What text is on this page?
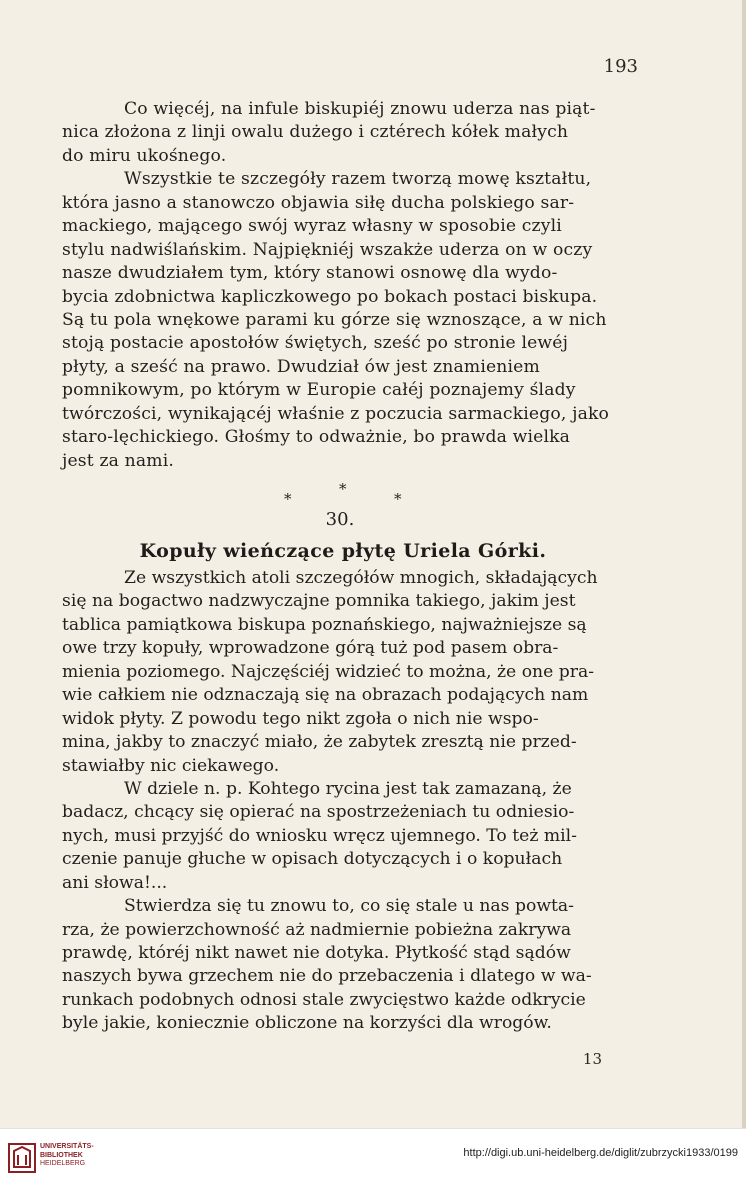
193
Co więcéj, na infule biskupiéj znowu uderza nas piąt-
nica złożona z linji owalu dużego i cztérech kółek małych
do miru ukośnego.
Wszystkie te szczegóły razem tworzą mowę kształtu,
która jasno a stanowczo objawia siłę ducha polskiego sar-
mackiego, mającego swój wyraz własny w sposobie czyli
stylu nadwiślańskim. Najpiękniéj wszakże uderza on w oczy
nasze dwudziałem tym, który stanowi osnowę dla wydo-
bycia zdobnictwa kapliczkowego po bokach postaci biskupa.
Są tu pola wnękowe parami ku górze się wznoszące, a w nich
stoją postacie apostołów świętych, sześć po stronie lewéj
płyty, a sześć na prawo. Dwudział ów jest znamieniem
pomnikowym, po którym w Europie całéj poznajemy ślady
twórczości, wynikającéj właśnie z poczucia sarmackiego, jako
staro-lęchickiego. Głośmy to odważnie, bo prawda wielka
jest za nami.
*
*	*
30.
Kopuły wieńczące płytę Uriela Górki.
Ze wszystkich atoli szczegółów mnogich, składających
się na bogactwo nadzwyczajne pomnika takiego, jakim jest
tablica pamiątkowa biskupa poznańskiego, najważniejsze są
owe trzy kopuły, wprowadzone górą tuż pod pasem obra-
mienia poziomego. Najczęściéj widzieć to można, że one pra-
wie całkiem nie odznaczają się na obrazach podających nam
widok płyty. Z powodu tego nikt zgoła o nich nie wspo-
mina, jakby to znaczyć miało, że zabytek zresztą nie przed-
stawiałby nic ciekawego.
W dziele n. p. Kohtego rycina jest tak zamazaną, że
badacz, chcący się opierać na spostrzeżeniach tu odniesio-
nych, musi przyjść do wniosku wręcz ujemnego. To też mil-
czenie panuje głuche w opisach dotyczących i o kopułach
ani słowa!...
Stwierdza się tu znowu to, co się stale u nas powta-
rza, że powierzchowność aż nadmiernie pobieżna zakrywa
prawdę, któréj nikt nawet nie dotyka. Płytkość stąd sądów
naszych bywa grzechem nie do przebaczenia i dlatego w wa-
runkach podobnych odnosi stale zwycięstwo każde odkrycie
byle jakie, koniecznie obliczone na korzyści dla wrogów.
13
UNIVERSITÄTS-
BIBLIOTHEK
HEIDELBERG
http://digi.ub.uni-heidelberg.de/diglit/zubrzycki1933/0199
